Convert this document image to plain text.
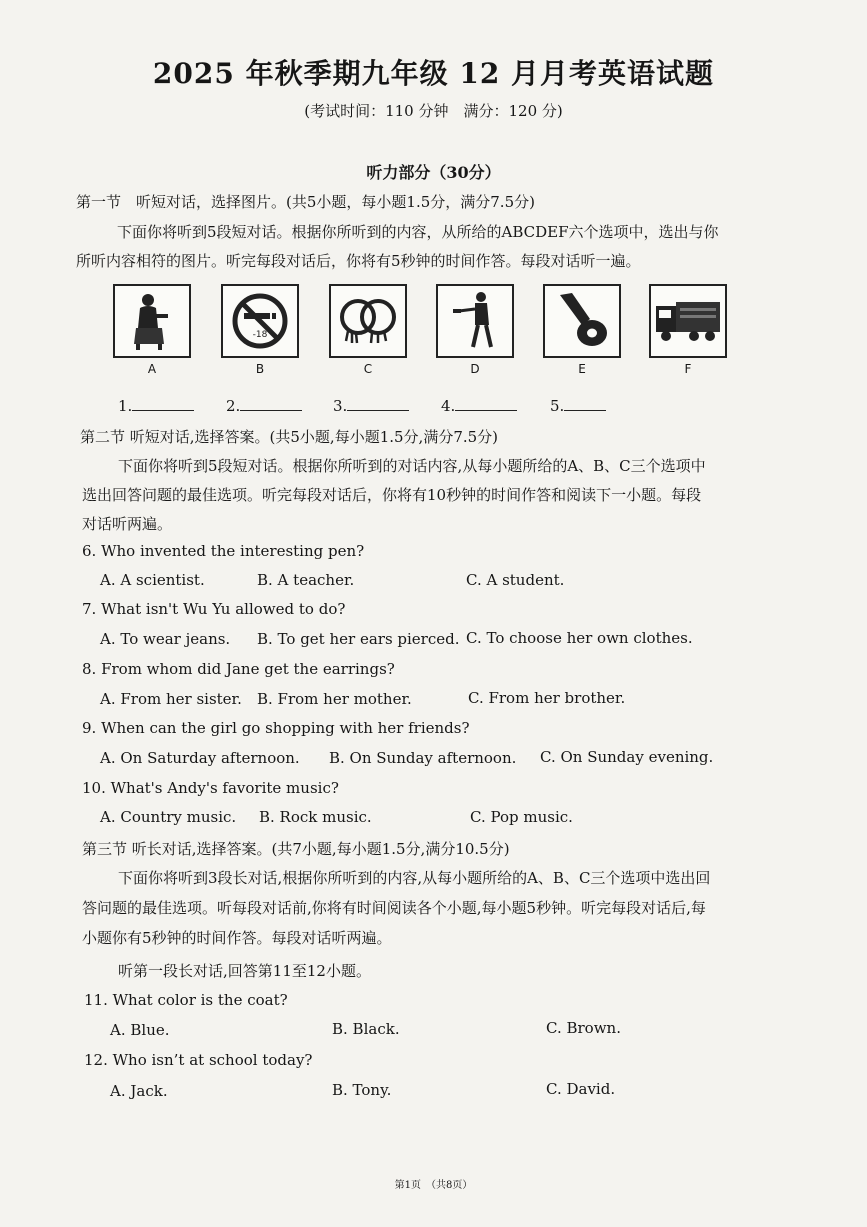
2025 年秋季期九年级 12 月月考英语试题
(考试时间：110 分钟　满分：120 分)
听力部分（30分）
第一节　听短对话，选择图片。(共5小题，每小题1.5分，满分7.5分)
下面你将听到5段短对话。根据你所听到的内容，从所给的ABCDEF六个选项中，选出与你
所听内容相符的图片。听完每段对话后，你将有5秒钟的时间作答。每段对话听一遍。
A
-18
B	C	D	E	F
1.	2.	3.	4.	5.
第二节 听短对话,选择答案。(共5小题,每小题1.5分,满分7.5分)
下面你将听到5段短对话。根据你所听到的对话内容,从每小题所给的A、B、C三个选项中
选出回答问题的最佳选项。听完每段对话后，你将有10秒钟的时间作答和阅读下一小题。每段
对话听两遍。
6. Who invented the interesting pen?
A. A scientist.	B. A teacher.	C. A student.
7. What isn't Wu Yu allowed to do?
A. To wear jeans. B. To get her ears pierced. C. To choose her own clothes.
8. From whom did Jane get the earrings?
A. From her sister. B. From her mother.	C. From her brother.
9. When can the girl go shopping with her friends?
A. On Saturday afternoon. B. On Sunday afternoon. C. On Sunday evening.
10. What's Andy's favorite music?
A. Country music. B. Rock music.	C. Pop music.
第三节 听长对话,选择答案。(共7小题,每小题1.5分,满分10.5分)
下面你将听到3段长对话,根据你所听到的内容,从每小题所给的A、B、C三个选项中选出回
答问题的最佳选项。听每段对话前,你将有时间阅读各个小题,每小题5秒钟。听完每段对话后,每
小题你有5秒钟的时间作答。每段对话听两遍。
听第一段长对话,回答第11至12小题。
11. What color is the coat?
A. Blue.	B. Black.	C. Brown.
12. Who isn’t at school today?
A. Jack.	B. Tony.	C. David.
第1页　（共8页）
